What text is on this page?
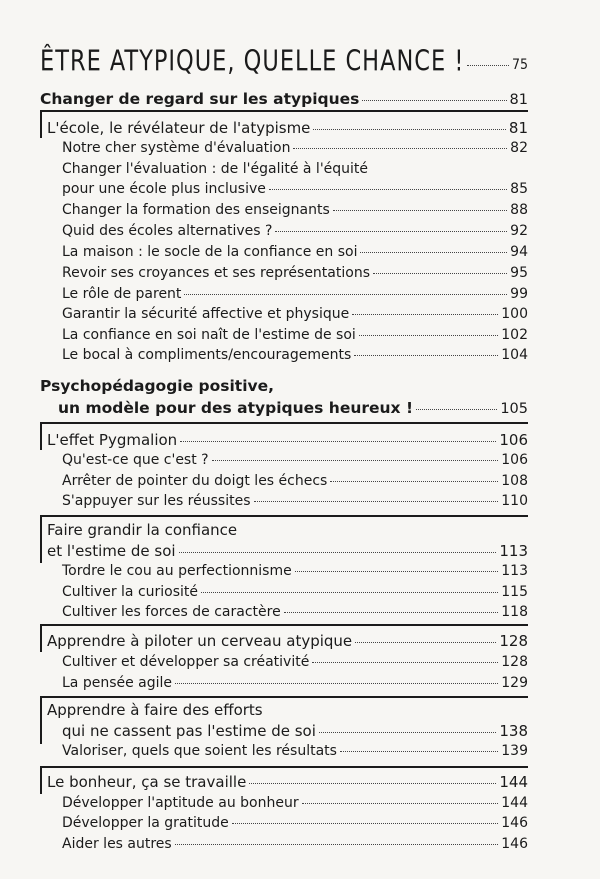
ÊTRE ATYPIQUE, QUELLE CHANCE !	75
Changer de regard sur les atypiques	81
L'école, le révélateur de l'atypisme	81
Notre cher système d'évaluation	82
Changer l'évaluation : de l'égalité à l'équité
pour une école plus inclusive	85
Changer la formation des enseignants	88
Quid des écoles alternatives ?	92
La maison : le socle de la confiance en soi	94
Revoir ses croyances et ses représentations	95
Le rôle de parent	99
Garantir la sécurité affective et physique	100
La confiance en soi naît de l'estime de soi	102
Le bocal à compliments/encouragements	104
Psychopédagogie positive,
un modèle pour des atypiques heureux !	105
L'effet Pygmalion	106
Qu'est-ce que c'est ?	106
Arrêter de pointer du doigt les échecs	108
S'appuyer sur les réussites	110
Faire grandir la confiance
et l'estime de soi	113
Tordre le cou au perfectionnisme	113
Cultiver la curiosité	115
Cultiver les forces de caractère	118
Apprendre à piloter un cerveau atypique	128
Cultiver et développer sa créativité	128
La pensée agile	129
Apprendre à faire des efforts
qui ne cassent pas l'estime de soi	138
Valoriser, quels que soient les résultats	139
Le bonheur, ça se travaille	144
Développer l'aptitude au bonheur	144
Développer la gratitude	146
Aider les autres	146
